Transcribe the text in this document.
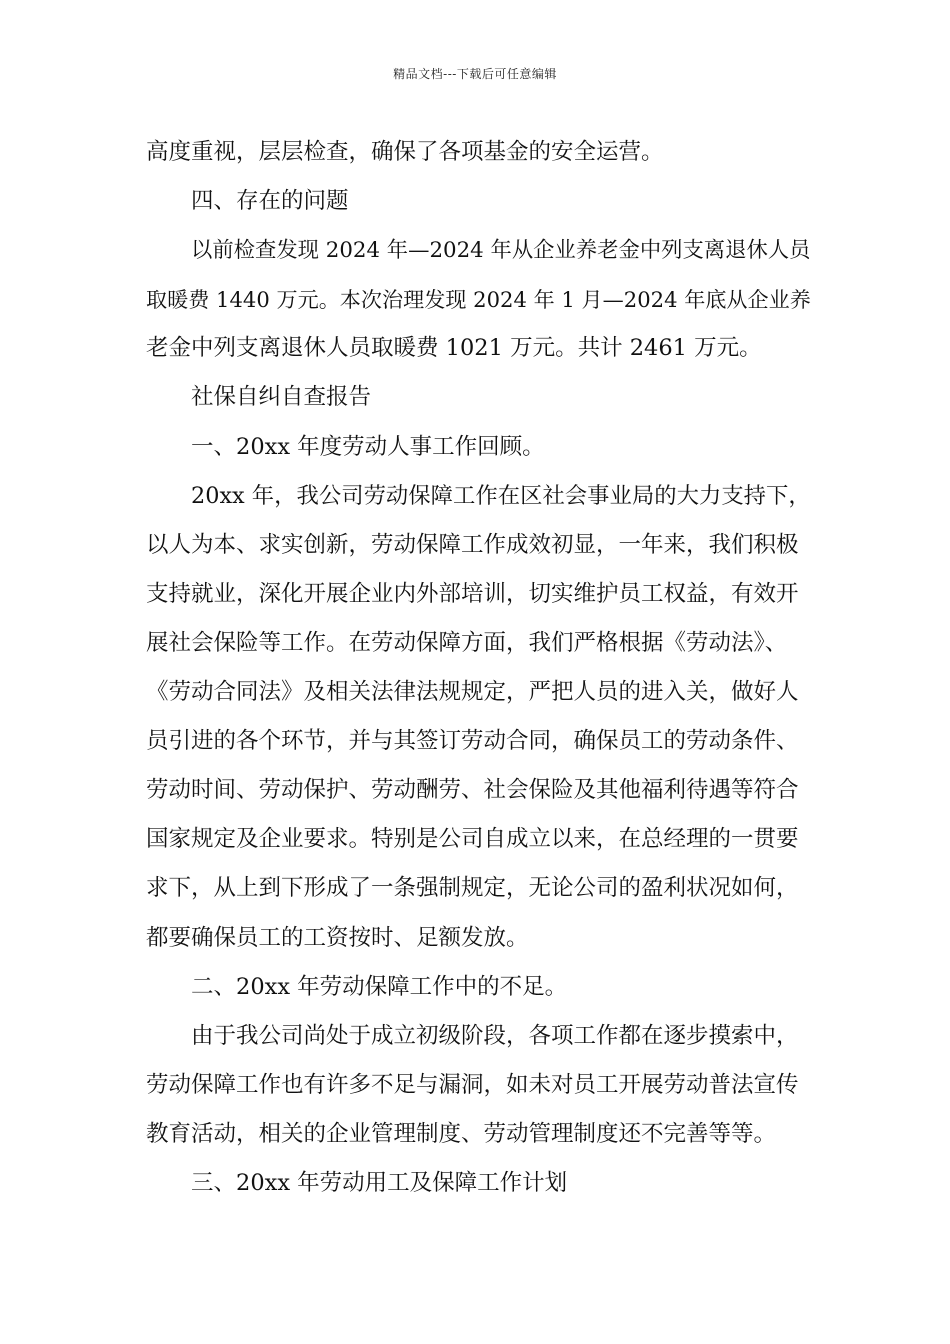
精品文档---下载后可任意编辑
高度重视，层层检查，确保了各项基金的安全运营。
四、存在的问题
以前检查发现 2024 年—2024 年从企业养老金中列支离退休人员
取暖费 1440 万元。本次治理发现 2024 年 1 月—2024 年底从企业养
老金中列支离退休人员取暖费 1021 万元。共计 2461 万元。
社保自纠自查报告
一、20xx 年度劳动人事工作回顾。
20xx 年，我公司劳动保障工作在区社会事业局的大力支持下，
以人为本、求实创新，劳动保障工作成效初显，一年来，我们积极
支持就业，深化开展企业内外部培训，切实维护员工权益，有效开
展社会保险等工作。在劳动保障方面，我们严格根据《劳动法》、
《劳动合同法》及相关法律法规规定，严把人员的进入关，做好人
员引进的各个环节，并与其签订劳动合同，确保员工的劳动条件、
劳动时间、劳动保护、劳动酬劳、社会保险及其他福利待遇等符合
国家规定及企业要求。特别是公司自成立以来，在总经理的一贯要
求下，从上到下形成了一条强制规定，无论公司的盈利状况如何，
都要确保员工的工资按时、足额发放。
二、20xx 年劳动保障工作中的不足。
由于我公司尚处于成立初级阶段，各项工作都在逐步摸索中，
劳动保障工作也有许多不足与漏洞，如未对员工开展劳动普法宣传
教育活动，相关的企业管理制度、劳动管理制度还不完善等等。
三、20xx 年劳动用工及保障工作计划
